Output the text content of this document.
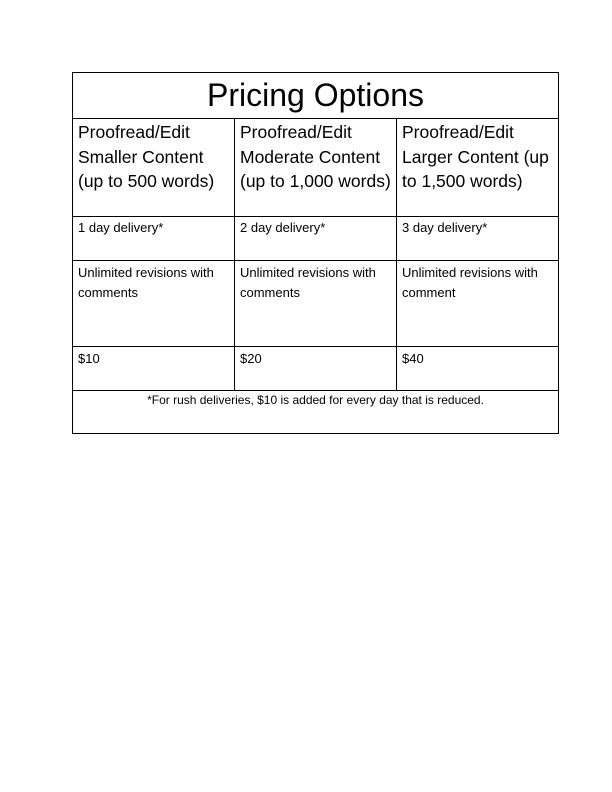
Pricing Options		
Proofread/Edit Smaller Content (up to 500 words)	Proofread/Edit Moderate Content (up to 1,000 words)	Proofread/Edit Larger Content (up to 1,500 words)
1 day delivery*	2 day delivery*	3 day delivery*
Unlimited revisions with comments	Unlimited revisions with comments	Unlimited revisions with comment
$10	$20	$40
*For rush deliveries, $10 is added for every day that is reduced.		
